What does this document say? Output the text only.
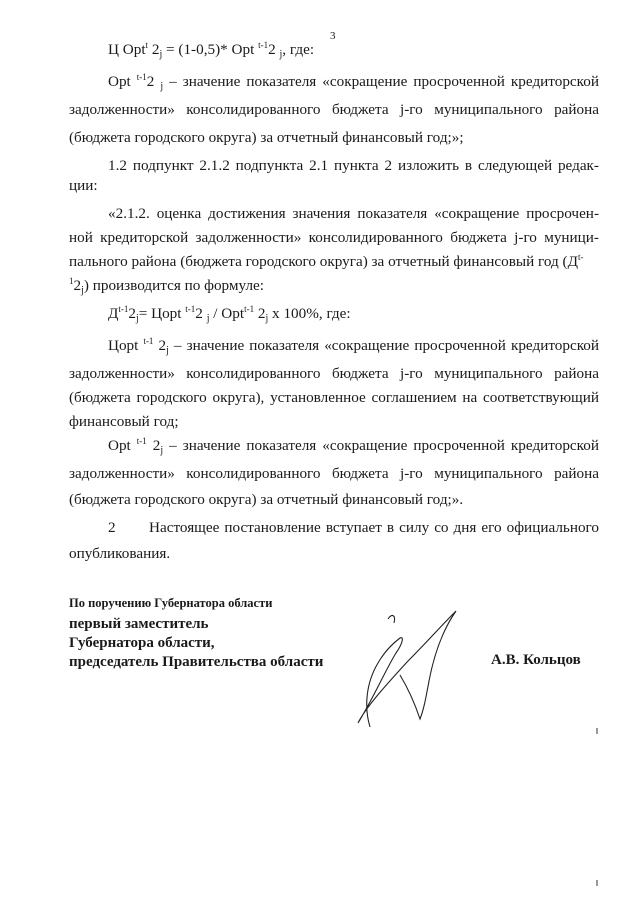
3
Ц Opt$^t$ $2_j = (1-0,5)*$ Opt $^{t-1}$2 $_j$, где:
Opt $^{t-1}$2 $_j$ – значение показателя «сокращение просроченной кредиторской
задолженности» консолидированного бюджета j-го муниципального района
(бюджета городского округа) за отчетный финансовый год;»;
1.2 подпункт 2.1.2 подпункта 2.1 пункта 2 изложить в следующей редак-
ции:
«2.1.2. оценка достижения значения показателя «сокращение просрочен-
ной кредиторской задолженности» консолидированного бюджета j-го муници-
пального района (бюджета городского округа) за отчетный финансовый год ($Д^{t-}$
$^12_j$) производится по формуле:
$Д^{t-1}2_j=$ Цopt $^{t-1}$2 $_j$ / Opt$^{t-1}$ $2_j$ x 100%, где:
Цopt $^{t-1}$ $2_j$ – значение показателя «сокращение просроченной кредиторской
задолженности» консолидированного бюджета j-го муниципального района
(бюджета городского округа), установленное соглашением на соответствующий
финансовый год;
Opt $^{t-1}$ $2_j$ – значение показателя «сокращение просроченной кредиторской
задолженности» консолидированного бюджета j-го муниципального района
(бюджета городского округа) за отчетный финансовый год;».
2 Настоящее постановление вступает в силу со дня его официального
опубликования.
По поручению Губернатора области
первый заместитель
Губернатора области,
председатель Правительства области	А.В. Кольцов
